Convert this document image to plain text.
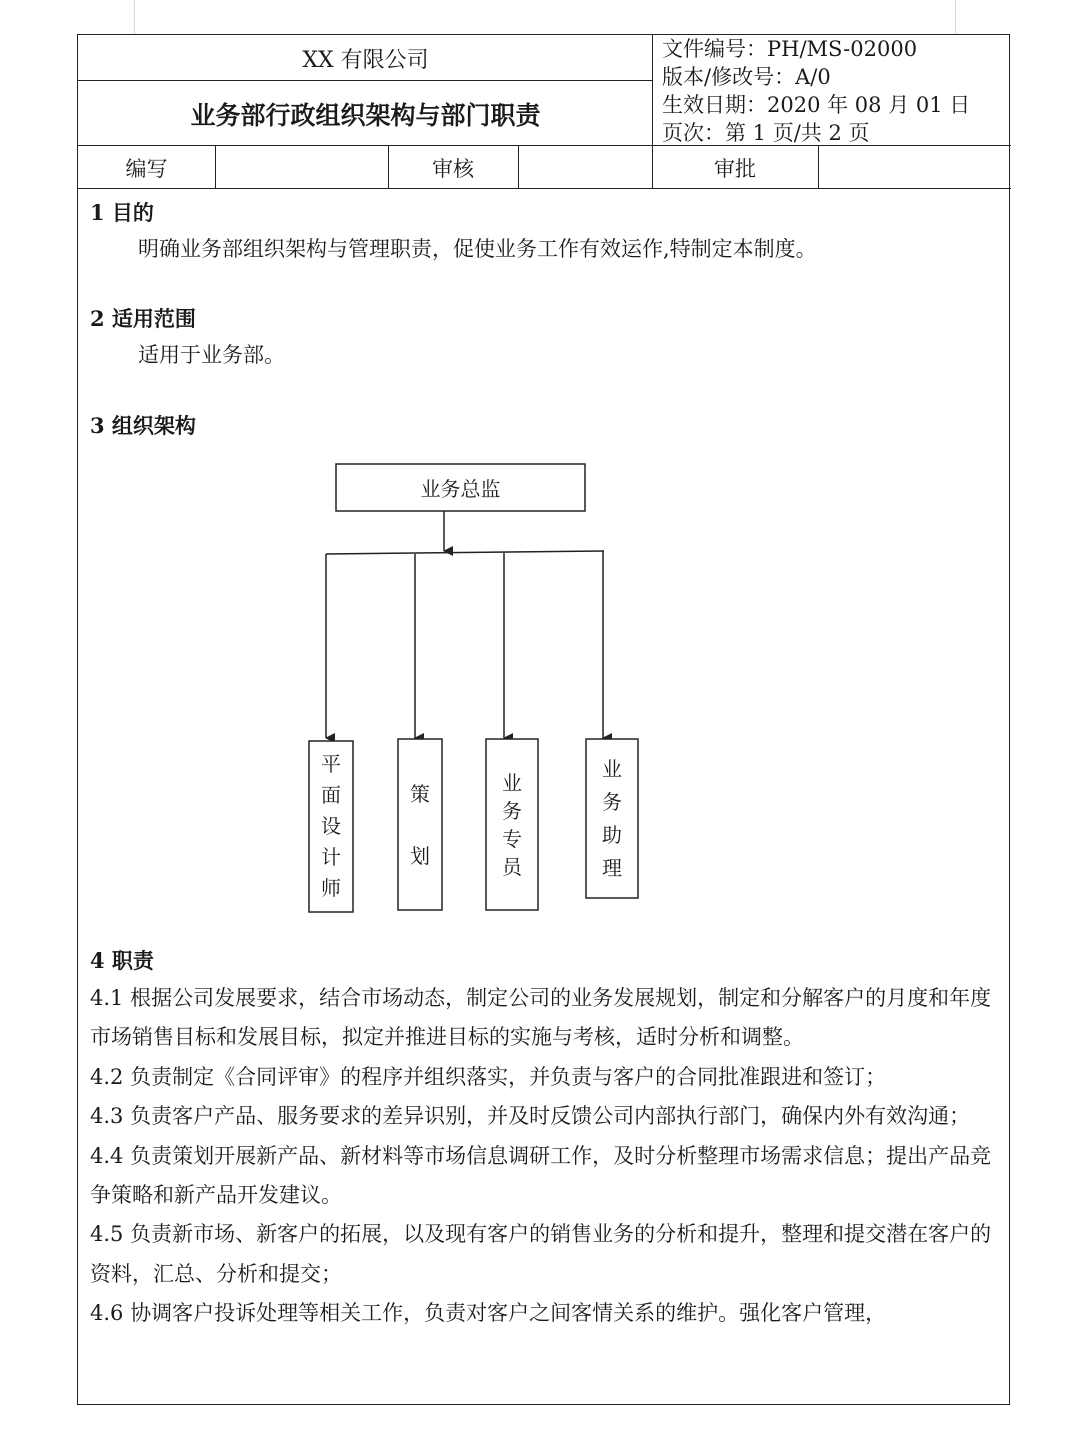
XX 有限公司
业务部行政组织架构与部门职责
文件编号：PH/MS-02000
版本/修改号：A/0
生效日期：2020 年 08 月 01 日
页次：第 1 页/共 2 页
编写	审核	审批
1 目的
明确业务部组织架构与管理职责，促使业务工作有效运作,特制定本制度。
2 适用范围
适用于业务部。
3 组织架构
业务总监
平
面
设
计
师
策
划
业
务
专
员
业
务
助
理
4 职责

4.1 根据公司发展要求，结合市场动态，制定公司的业务发展规划，制定和分解客户的月度和年度市场销售目标和发展目标，拟定并推进目标的实施与考核，适时分析和调整。

4.2 负责制定《合同评审》的程序并组织落实，并负责与客户的合同批准跟进和签订；

4.3 负责客户产品、服务要求的差异识别，并及时反馈公司内部执行部门，确保内外有效沟通；

4.4 负责策划开展新产品、新材料等市场信息调研工作，及时分析整理市场需求信息；提出产品竞争策略和新产品开发建议。

4.5 负责新市场、新客户的拓展，以及现有客户的销售业务的分析和提升，整理和提交潜在客户的资料，汇总、分析和提交；

4.6 协调客户投诉处理等相关工作，负责对客户之间客情关系的维护。强化客户管理，
